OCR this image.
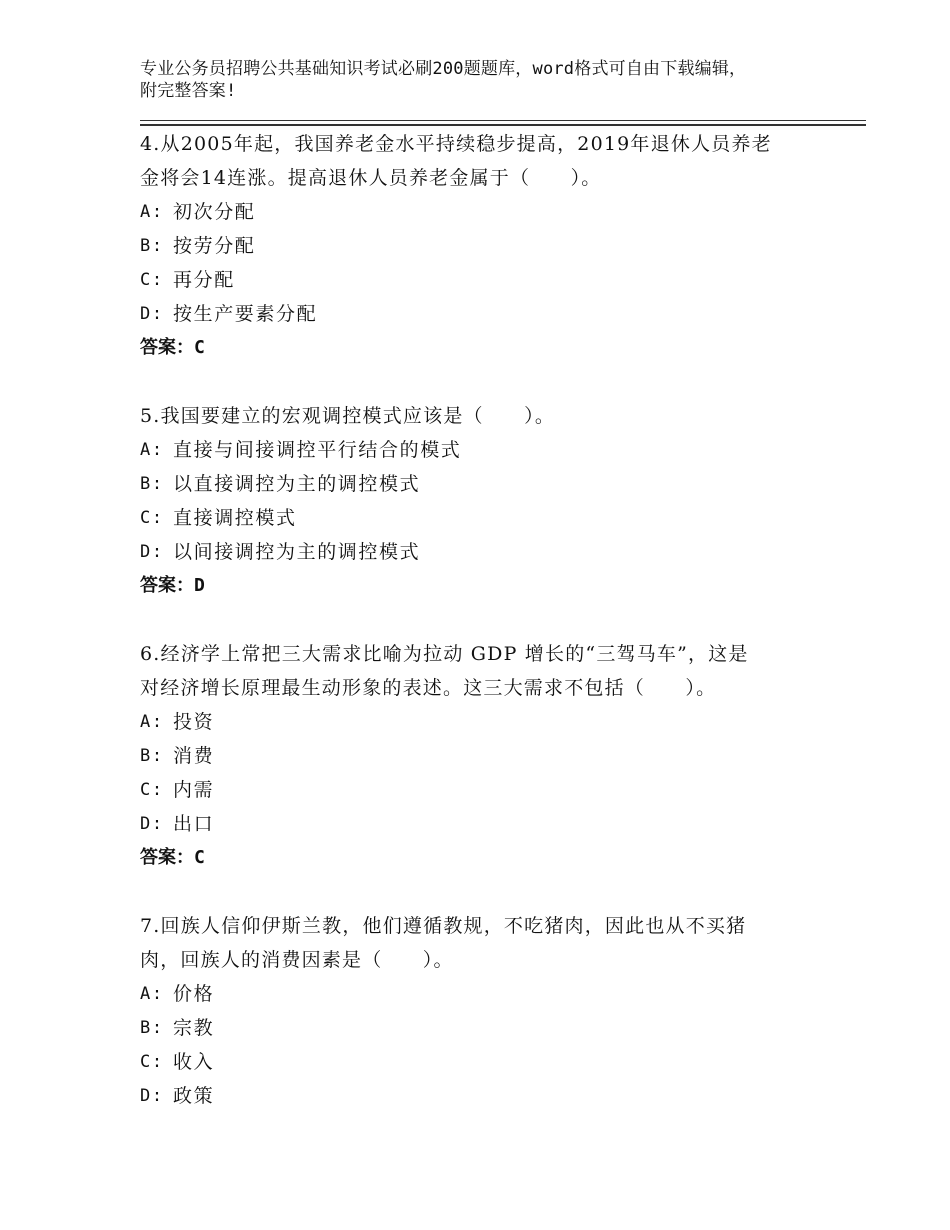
专业公务员招聘公共基础知识考试必刷200题题库，word格式可自由下载编辑，
附完整答案!
4.从2005年起，我国养老金水平持续稳步提高，2019年退休人员养老
金将会14连涨。提高退休人员养老金属于（　　）。
A: 初次分配
B: 按劳分配
C: 再分配
D: 按生产要素分配
答案：C
5.我国要建立的宏观调控模式应该是（　　）。
A: 直接与间接调控平行结合的模式
B: 以直接调控为主的调控模式
C: 直接调控模式
D: 以间接调控为主的调控模式
答案：D
6.经济学上常把三大需求比喻为拉动 GDP 增长的“三驾马车”，这是
对经济增长原理最生动形象的表述。这三大需求不包括（　　）。
A: 投资
B: 消费
C: 内需
D: 出口
答案：C
7.回族人信仰伊斯兰教，他们遵循教规，不吃猪肉，因此也从不买猪
肉，回族人的消费因素是（　　）。
A: 价格
B: 宗教
C: 收入
D: 政策
